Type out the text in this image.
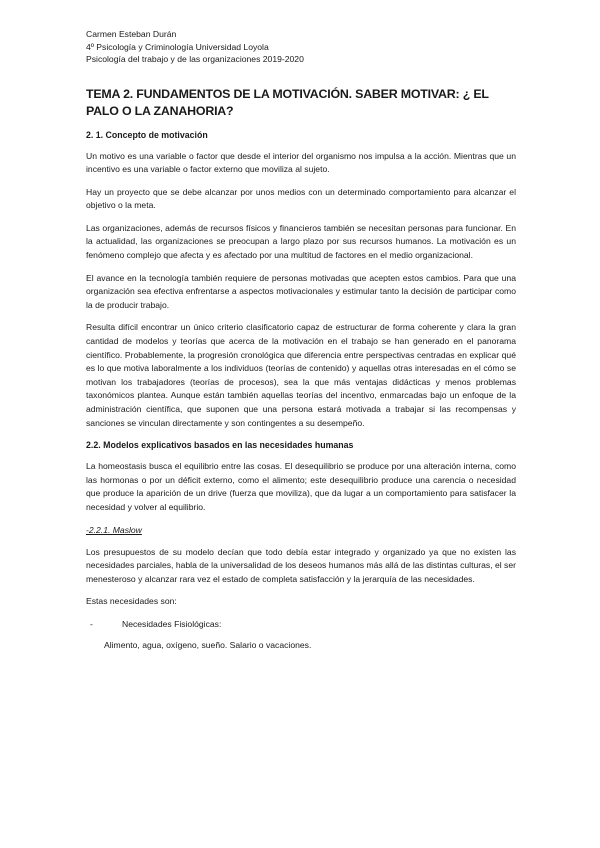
Carmen Esteban Durán
4º Psicología y Criminología Universidad Loyola
Psicología del trabajo y de las organizaciones 2019-2020
TEMA 2. FUNDAMENTOS DE LA MOTIVACIÓN. SABER MOTIVAR: ¿ EL PALO O LA ZANAHORIA?
2. 1. Concepto de motivación

Un motivo es una variable o factor que desde el interior del organismo nos impulsa a la acción. Mientras que un incentivo es una variable o factor externo que moviliza al sujeto.

Hay un proyecto que se debe alcanzar por unos medios con un determinado comportamiento para alcanzar el objetivo o la meta.

Las organizaciones, además de recursos físicos y financieros también se necesitan personas para funcionar. En la actualidad, las organizaciones se preocupan a largo plazo por sus recursos humanos. La motivación es un fenómeno complejo que afecta y es afectado por una multitud de factores en el medio organizacional.

El avance en la tecnología también requiere de personas motivadas que acepten estos cambios. Para que una organización sea efectiva enfrentarse a aspectos motivacionales y estimular tanto la decisión de participar como la de producir trabajo.

Resulta difícil encontrar un único criterio clasificatorio capaz de estructurar de forma coherente y clara la gran cantidad de modelos y teorías que acerca de la motivación en el trabajo se han generado en el panorama científico. Probablemente, la progresión cronológica que diferencia entre perspectivas centradas en explicar qué es lo que motiva laboralmente a los individuos (teorías de contenido) y aquellas otras interesadas en el cómo se motivan los trabajadores (teorías de procesos), sea la que más ventajas didácticas y menos problemas taxonómicos plantea. Aunque están también aquellas teorías del incentivo, enmarcadas bajo un enfoque de la administración científica, que suponen que una persona estará motivada a trabajar si las recompensas y sanciones se vinculan directamente y son contingentes a su desempeño.

2.2. Modelos explicativos basados en las necesidades humanas

La homeostasis busca el equilibrio entre las cosas. El desequilibrio se produce por una alteración interna, como las hormonas o por un déficit externo, como el alimento; este desequilibrio produce una carencia o necesidad que produce la aparición de un drive (fuerza que moviliza), que da lugar a un comportamiento para satisfacer la necesidad y volver al equilibrio.

-2.2.1. Maslow

Los presupuestos de su modelo decían que todo debía estar integrado y organizado ya que no existen las necesidades parciales, habla de la universalidad de los deseos humanos más allá de las distintas culturas, el ser menesteroso y alcanzar rara vez el estado de completa satisfacción y la jerarquía de las necesidades.

Estas necesidades son:

-	Necesidades Fisiológicas:
Alimento, agua, oxígeno, sueño. Salario o vacaciones.
